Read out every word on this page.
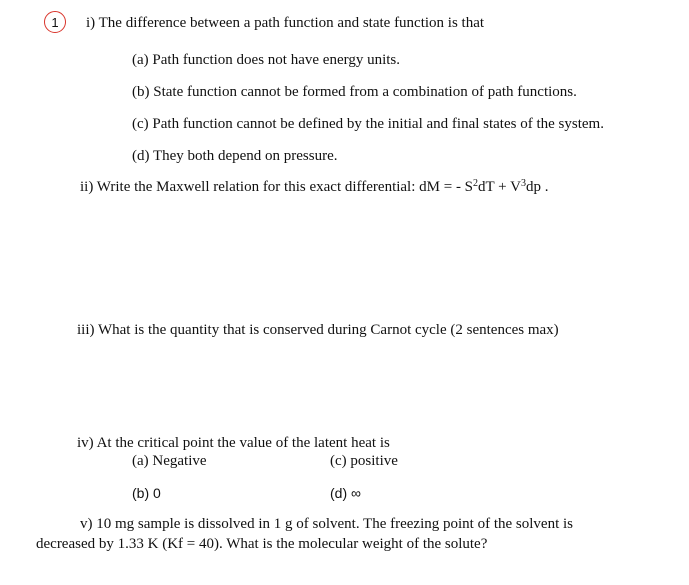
1 i) The difference between a path function and state function is that
(a) Path function does not have energy units.
(b) State function cannot be formed from a combination of path functions.
(c) Path function cannot be defined by the initial and final states of the system.
(d) They both depend on pressure.
ii) Write the Maxwell relation for this exact differential: dM = - $S^2dT + V^3dp$ .
iii) What is the quantity that is conserved during Carnot cycle (2 sentences max)
iv) At the critical point the value of the latent heat is
(a) Negative	(c) positive
(b) 0	(d) ∞
v) 10 mg sample is dissolved in 1 g of solvent. The freezing point of the solvent is
decreased by 1.33 K (Kf = 40). What is the molecular weight of the solute?
